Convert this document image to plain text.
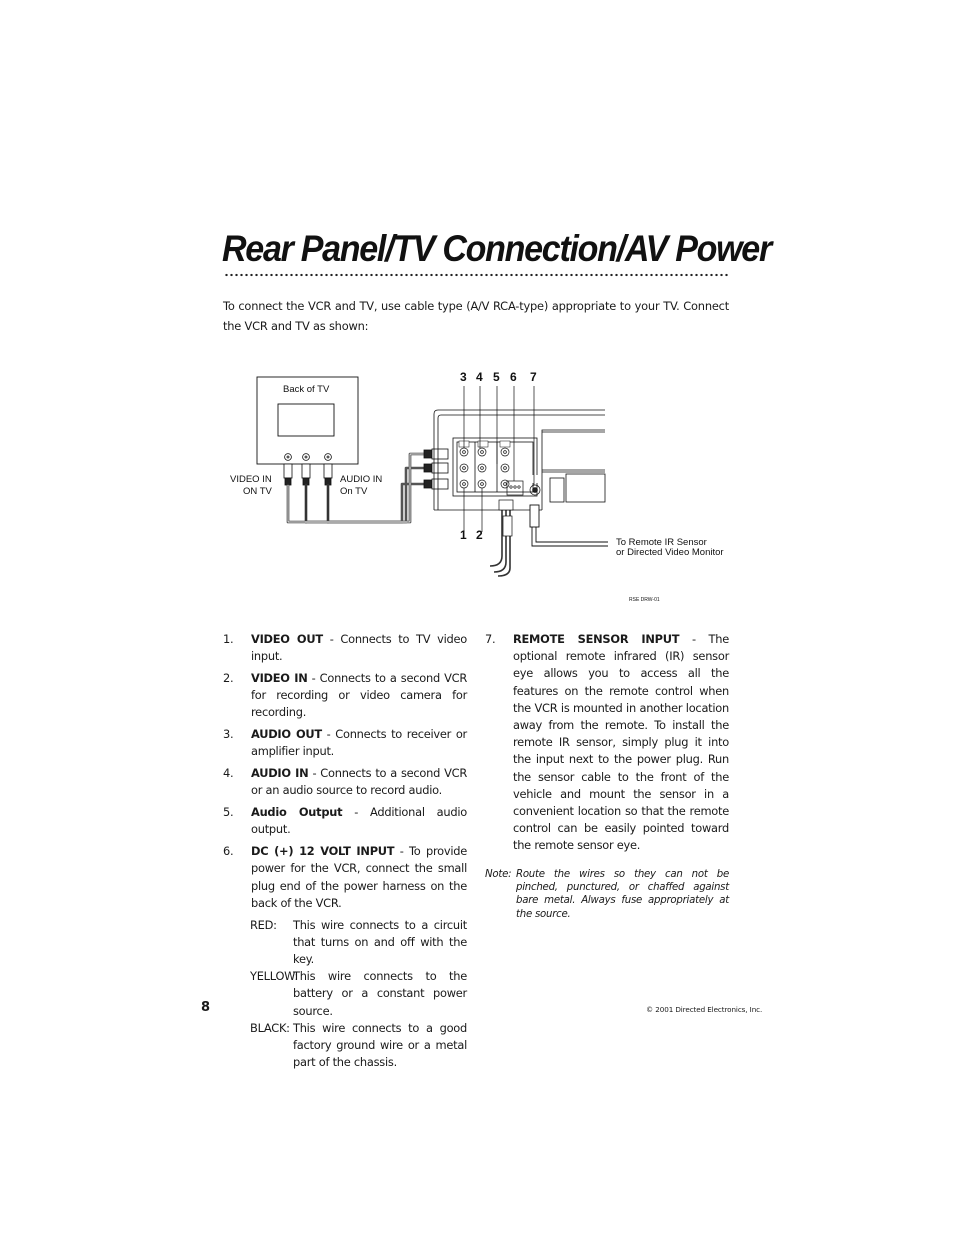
Rear Panel/TV Connection/AV Power

To connect the VCR and TV, use cable type (A/V RCA-type) appropriate to your TV. Connect the VCR and TV as shown:

Back of TV
VIDEO IN
ON TV
AUDIO IN
On TV
3 4 5 6 7
1 2
To Remote IR Sensor
or Directed Video Monitor
RSE DRW-01
1. VIDEO OUT - Connects to TV video input.
2. VIDEO IN - Connects to a second VCR for recording or video camera for recording.
3. AUDIO OUT - Connects to receiver or amplifier input.
4. AUDIO IN - Connects to a second VCR or an audio source to record audio.
5. Audio Output - Additional audio output.
6. DC (+) 12 VOLT INPUT - To provide power for the VCR, connect the small plug end of the power harness on the back of the VCR.
RED: This wire connects to a circuit that turns on and off with the key.
YELLOW:
This wire connects to the battery or a constant power source.
BLACK: This wire connects to a good factory ground wire or a metal part of the chassis.
7. REMOTE SENSOR INPUT - The optional remote infrared (IR) sensor eye allows you to access all the features on the remote control when the VCR is mounted in another location away from the remote. To install the remote IR sensor, simply plug it into the input next to the power plug. Run the sensor cable to the front of the vehicle and mount the sensor in a convenient location so that the remote control can be easily pointed toward the remote sensor eye.
Note: Route the wires so they can not be pinched, punctured, or chaffed against bare metal. Always fuse appropriately at the source.
8	© 2001 Directed Electronics, Inc.
